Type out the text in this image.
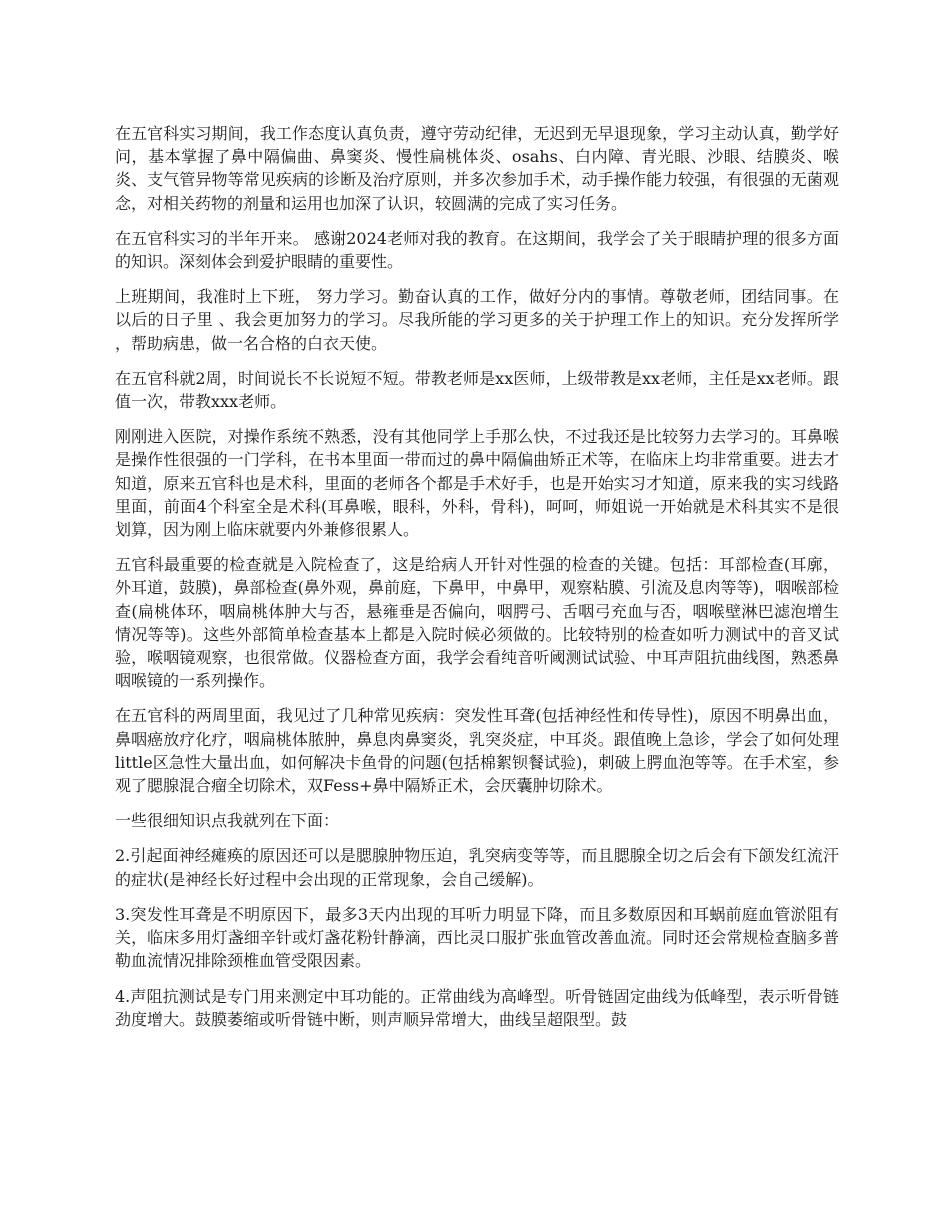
在五官科实习期间，我工作态度认真负责，遵守劳动纪律，无迟到无早退现象，学习主动认真，勤学好问，基本掌握了鼻中隔偏曲、鼻窦炎、慢性扁桃体炎、osahs、白内障、青光眼、沙眼、结膜炎、喉炎、支气管异物等常见疾病的诊断及治疗原则，并多次参加手术，动手操作能力较强，有很强的无菌观念，对相关药物的剂量和运用也加深了认识，较圆满的完成了实习任务。

在五官科实习的半年开来。 感谢2024老师对我的教育。在这期间，我学会了关于眼睛护理的很多方面的知识。深刻体会到爱护眼睛的重要性。

上班期间，我准时上下班， 努力学习。勤奋认真的工作，做好分内的事情。尊敬老师，团结同事。在以后的日子里 、我会更加努力的学习。尽我所能的学习更多的关于护理工作上的知识。充分发挥所学 ，帮助病患，做一名合格的白衣天使。

在五官科就2周，时间说长不长说短不短。带教老师是xx医师，上级带教是xx老师，主任是xx老师。跟值一次，带教xxx老师。

刚刚进入医院，对操作系统不熟悉，没有其他同学上手那么快，不过我还是比较努力去学习的。耳鼻喉是操作性很强的一门学科，在书本里面一带而过的鼻中隔偏曲矫正术等，在临床上均非常重要。进去才知道，原来五官科也是术科，里面的老师各个都是手术好手，也是开始实习才知道，原来我的实习线路里面，前面4个科室全是术科(耳鼻喉，眼科，外科，骨科)，呵呵，师姐说一开始就是术科其实不是很划算，因为刚上临床就要内外兼修很累人。

五官科最重要的检查就是入院检查了，这是给病人开针对性强的检查的关键。包括：耳部检查(耳廓，外耳道，鼓膜)，鼻部检查(鼻外观，鼻前庭，下鼻甲，中鼻甲，观察粘膜、引流及息肉等等)，咽喉部检查(扁桃体环，咽扁桃体肿大与否，悬雍垂是否偏向，咽腭弓、舌咽弓充血与否，咽喉壁淋巴滤泡增生情况等等)。这些外部简单检查基本上都是入院时候必须做的。比较特别的检查如听力测试中的音叉试验，喉咽镜观察，也很常做。仪器检查方面，我学会看纯音听阈测试试验、中耳声阻抗曲线图，熟悉鼻咽喉镜的一系列操作。

在五官科的两周里面，我见过了几种常见疾病：突发性耳聋(包括神经性和传导性)，原因不明鼻出血，鼻咽癌放疗化疗，咽扁桃体脓肿，鼻息肉鼻窦炎，乳突炎症，中耳炎。跟值晚上急诊，学会了如何处理little区急性大量出血，如何解决卡鱼骨的问题(包括棉絮钡餐试验)，刺破上腭血泡等等。在手术室，参观了腮腺混合瘤全切除术，双Fess+鼻中隔矫正术，会厌囊肿切除术。

一些很细知识点我就列在下面：

2.引起面神经瘫痪的原因还可以是腮腺肿物压迫，乳突病变等等，而且腮腺全切之后会有下颌发红流汗的症状(是神经长好过程中会出现的正常现象，会自己缓解)。

3.突发性耳聋是不明原因下，最多3天内出现的耳听力明显下降，而且多数原因和耳蜗前庭血管淤阻有关，临床多用灯盏细辛针或灯盏花粉针静滴，西比灵口服扩张血管改善血流。同时还会常规检查脑多普勒血流情况排除颈椎血管受限因素。

4.声阻抗测试是专门用来测定中耳功能的。正常曲线为高峰型。听骨链固定曲线为低峰型，表示听骨链劲度增大。鼓膜萎缩或听骨链中断，则声顺异常增大，曲线呈超限型。鼓
